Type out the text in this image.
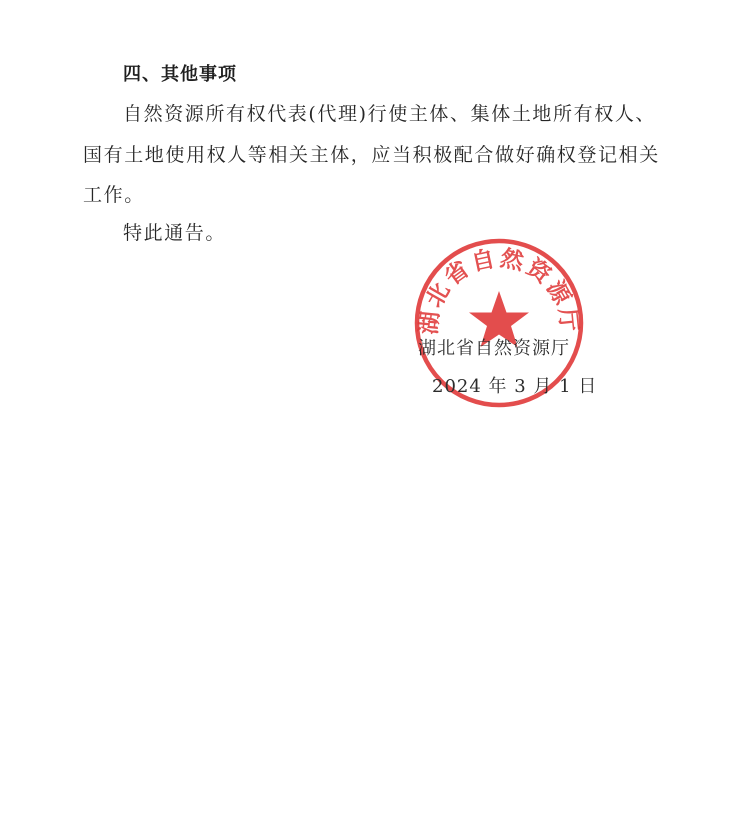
四、其他事项
自然资源所有权代表(代理)行使主体、集体土地所有权人、
国有土地使用权人等相关主体，应当积极配合做好确权登记相关
工作。
特此通告。
湖北省自然资源厅
湖北省自然资源厅
2024 年 3 月 1 日
